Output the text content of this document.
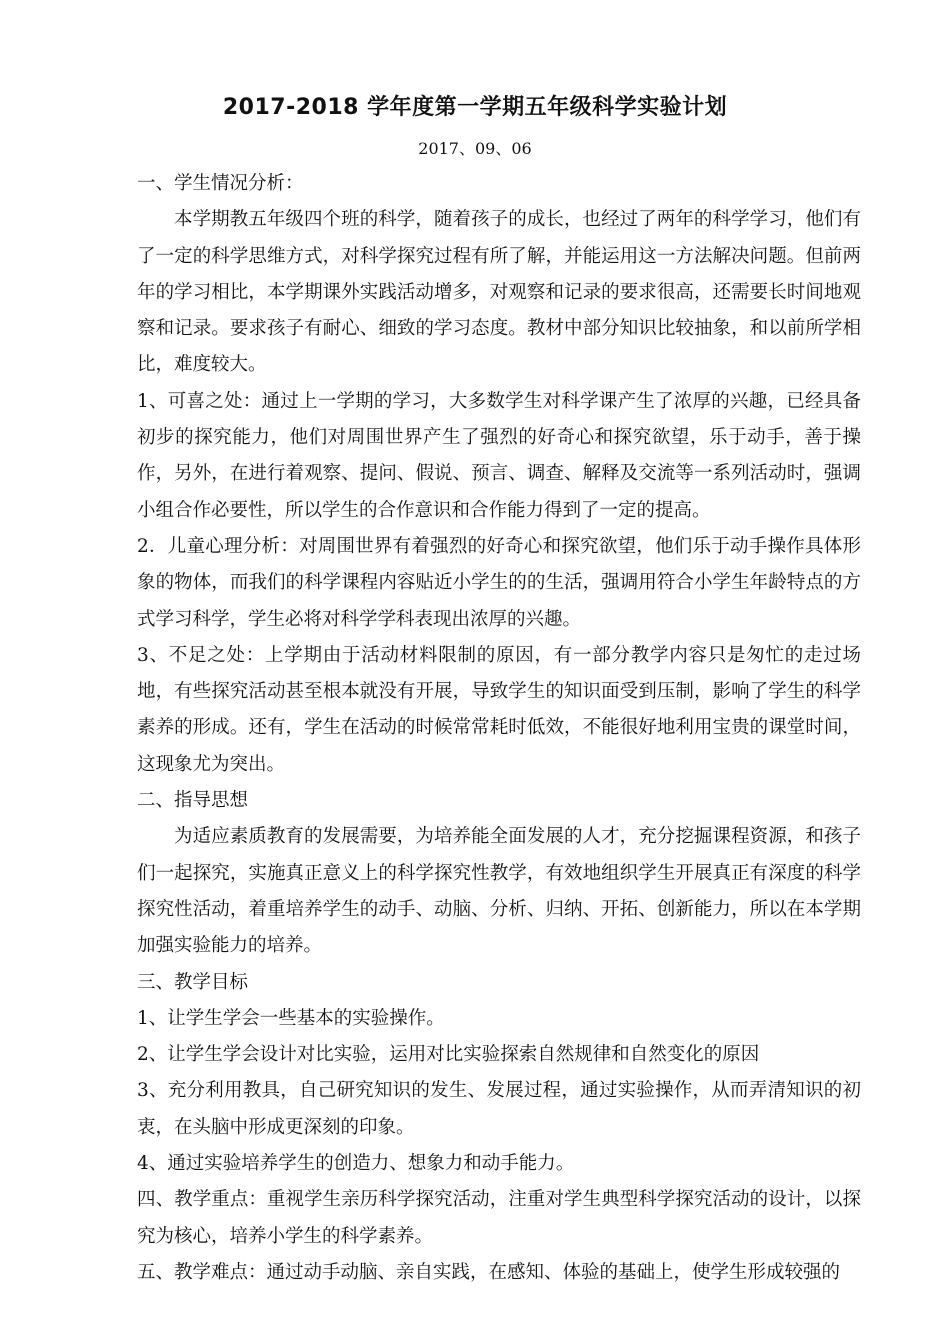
2017-2018 学年度第一学期五年级科学实验计划
2017、09、06

一、学生情况分析：

本学期教五年级四个班的科学，随着孩子的成长，也经过了两年的科学学习，他们有了一定的科学思维方式，对科学探究过程有所了解，并能运用这一方法解决问题。但前两年的学习相比，本学期课外实践活动增多，对观察和记录的要求很高，还需要长时间地观察和记录。要求孩子有耐心、细致的学习态度。教材中部分知识比较抽象，和以前所学相比，难度较大。

1、可喜之处：通过上一学期的学习，大多数学生对科学课产生了浓厚的兴趣，已经具备初步的探究能力，他们对周围世界产生了强烈的好奇心和探究欲望，乐于动手，善于操作，另外，在进行着观察、提问、假说、预言、调查、解释及交流等一系列活动时，强调小组合作必要性，所以学生的合作意识和合作能力得到了一定的提高。

2．儿童心理分析：对周围世界有着强烈的好奇心和探究欲望，他们乐于动手操作具体形象的物体，而我们的科学课程内容贴近小学生的的生活，强调用符合小学生年龄特点的方式学习科学，学生必将对科学学科表现出浓厚的兴趣。

3、不足之处：上学期由于活动材料限制的原因，有一部分教学内容只是匆忙的走过场地，有些探究活动甚至根本就没有开展，导致学生的知识面受到压制，影响了学生的科学素养的形成。还有，学生在活动的时候常常耗时低效，不能很好地利用宝贵的课堂时间，这现象尤为突出。

二、指导思想

为适应素质教育的发展需要，为培养能全面发展的人才，充分挖掘课程资源，和孩子们一起探究，实施真正意义上的科学探究性教学，有效地组织学生开展真正有深度的科学探究性活动，着重培养学生的动手、动脑、分析、归纳、开拓、创新能力，所以在本学期加强实验能力的培养。

三、教学目标

1、让学生学会一些基本的实验操作。

2、让学生学会设计对比实验，运用对比实验探索自然规律和自然变化的原因

3、充分利用教具，自己研究知识的发生、发展过程，通过实验操作，从而弄清知识的初衷，在头脑中形成更深刻的印象。

4、通过实验培养学生的创造力、想象力和动手能力。

四、教学重点：重视学生亲历科学探究活动，注重对学生典型科学探究活动的设计，以探究为核心，培养小学生的科学素养。

五、教学难点：通过动手动脑、亲自实践，在感知、体验的基础上，使学生形成较强的
